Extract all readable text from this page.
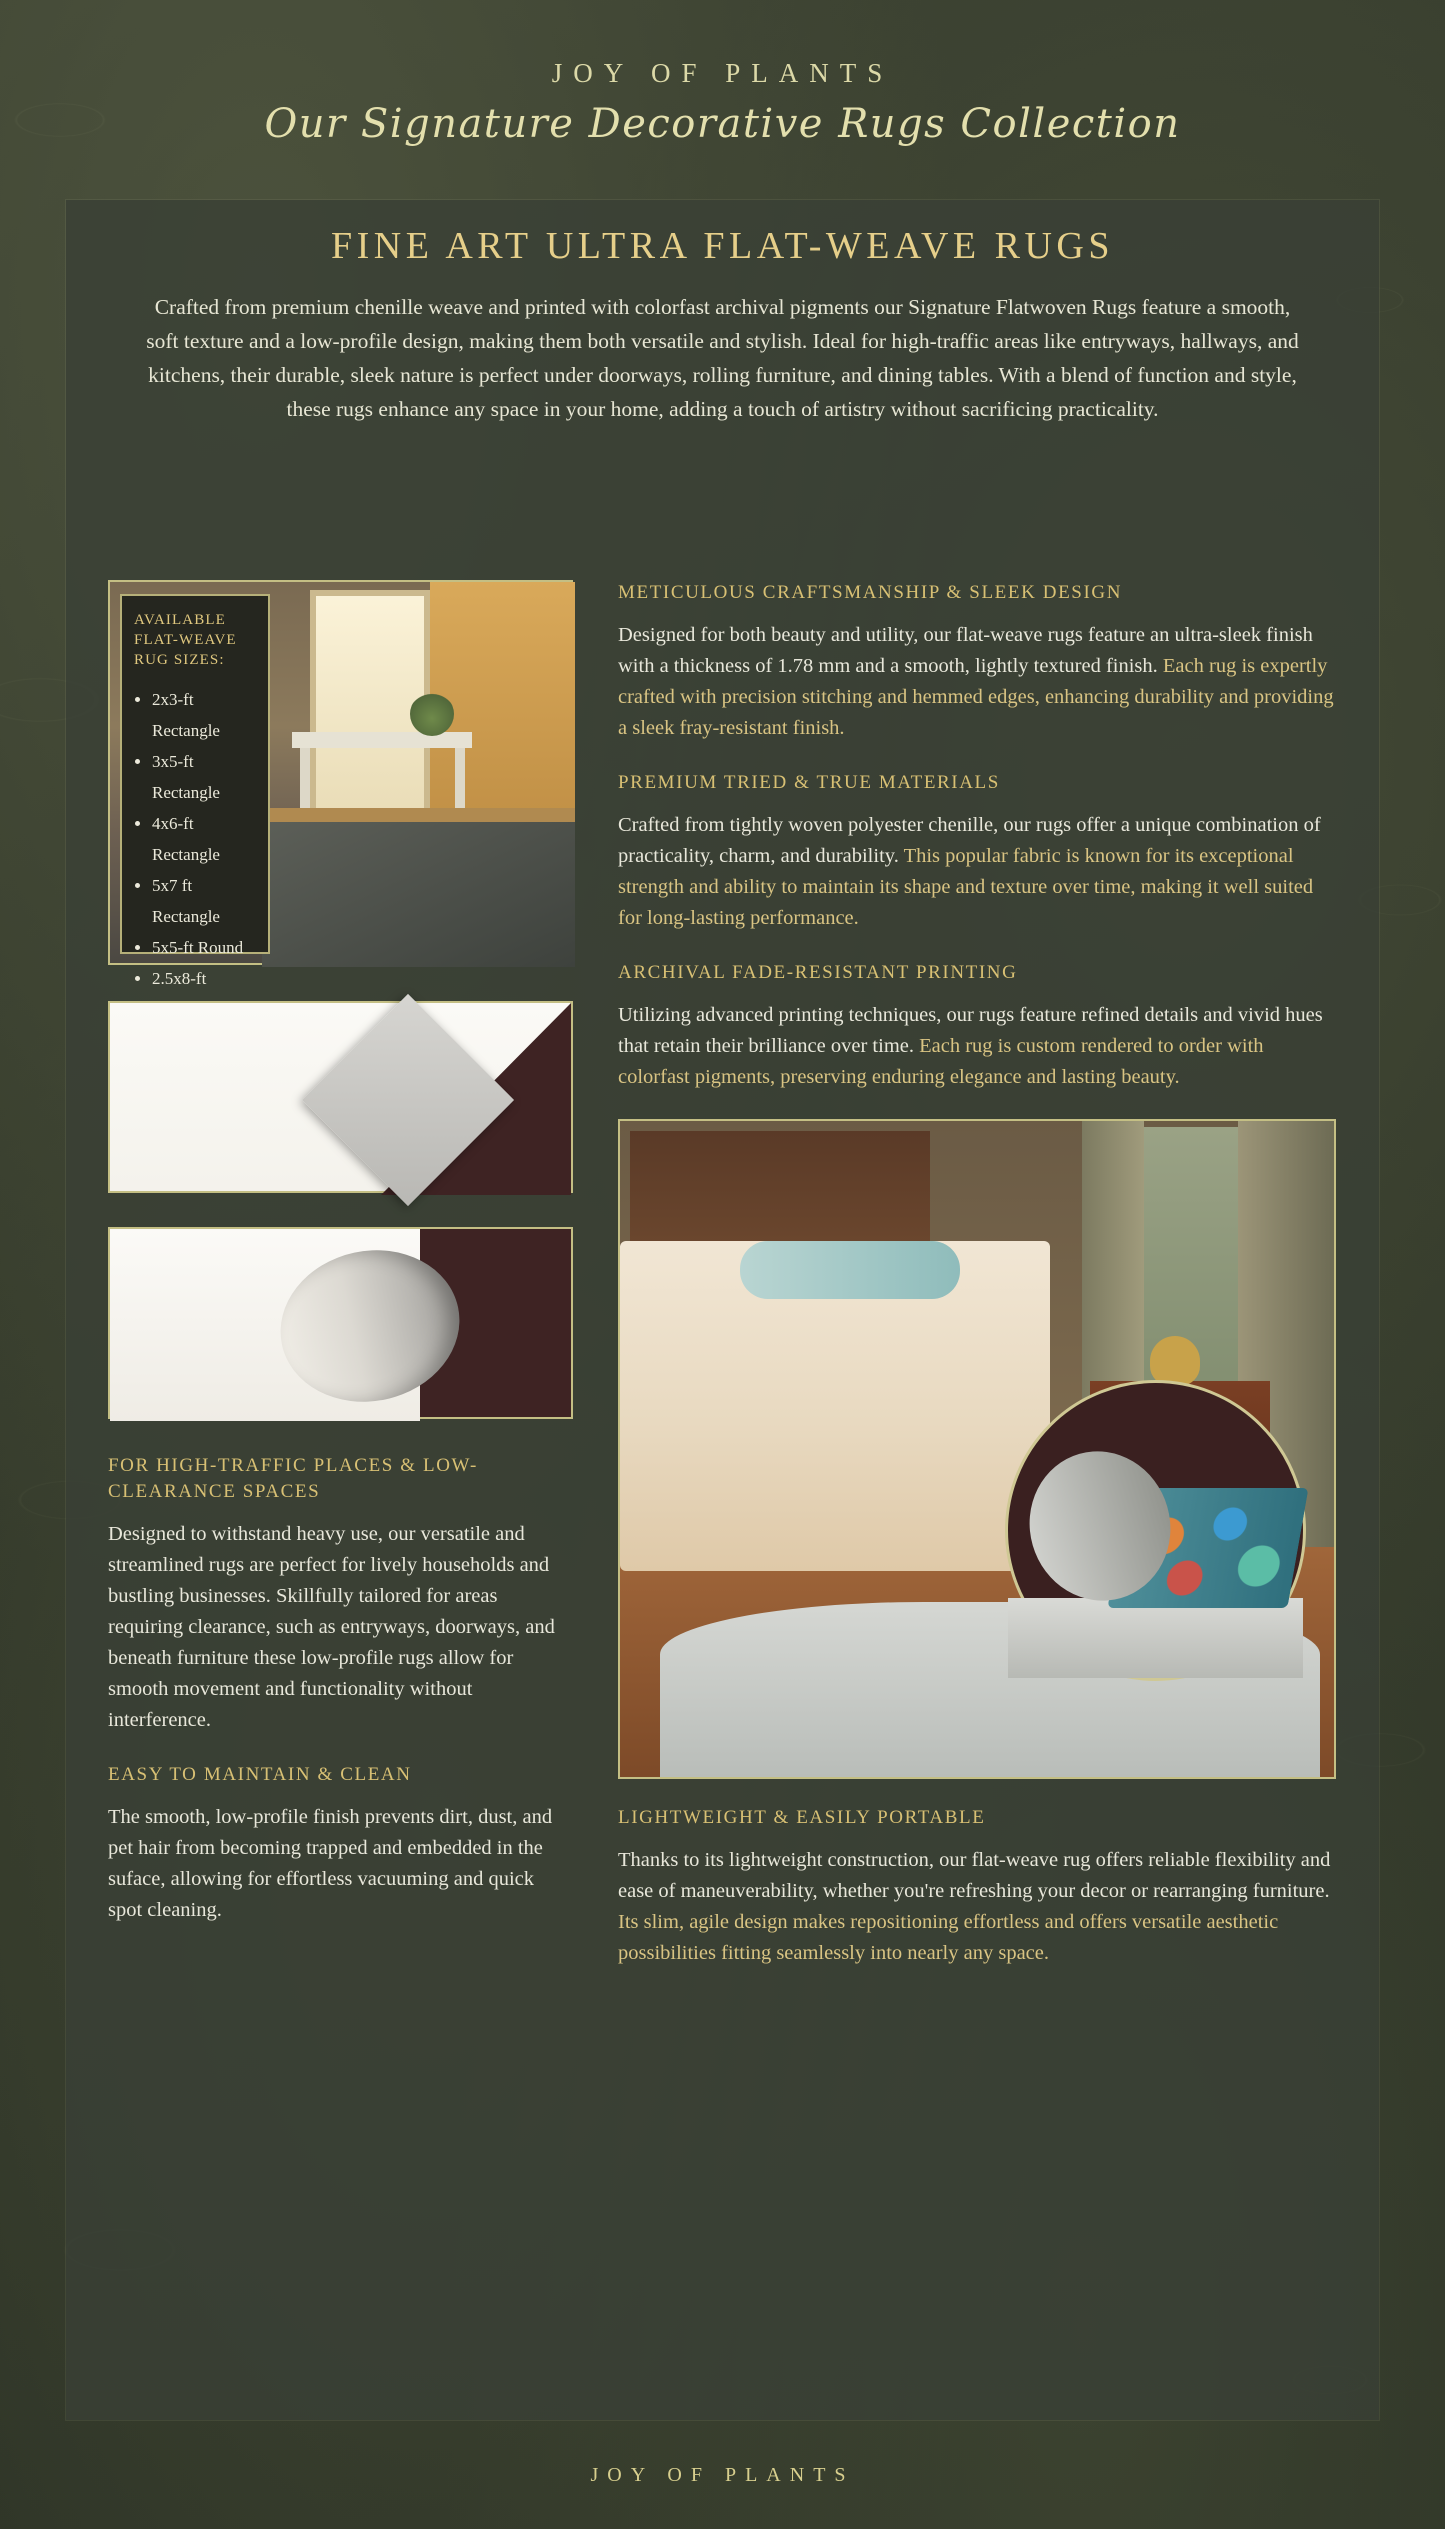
JOY OF PLANTS
Our Signature Decorative Rugs Collection
FINE ART ULTRA FLAT-WEAVE RUGS
Crafted from premium chenille weave and printed with colorfast archival pigments our Signature Flatwoven Rugs feature a smooth, soft texture and a low-profile design, making them both versatile and stylish. Ideal for high-traffic areas like entryways, hallways, and kitchens, their durable, sleek nature is perfect under doorways, rolling furniture, and dining tables. With a blend of function and style, these rugs enhance any space in your home, adding a touch of artistry without sacrificing practicality.
AVAILABLE FLAT-WEAVE RUG SIZES:
• 2x3-ft Rectangle
• 3x5-ft Rectangle
• 4x6-ft Rectangle
• 5x7 ft Rectangle
• 5x5-ft Round
• 2.5x8-ft
FOR HIGH-TRAFFIC PLACES & LOW-CLEARANCE SPACES

Designed to withstand heavy use, our versatile and streamlined rugs are perfect for lively households and bustling businesses. Skillfully tailored for areas requiring clearance, such as entryways, doorways, and beneath furniture these low-profile rugs allow for smooth movement and functionality without interference.

EASY TO MAINTAIN & CLEAN

The smooth, low-profile finish prevents dirt, dust, and pet hair from becoming trapped and embedded in the suface, allowing for effortless vacuuming and quick spot cleaning.

METICULOUS CRAFTSMANSHIP & SLEEK DESIGN

Designed for both beauty and utility, our flat-weave rugs feature an ultra-sleek finish with a thickness of 1.78 mm and a smooth, lightly textured finish. Each rug is expertly crafted with precision stitching and hemmed edges, enhancing durability and providing a sleek fray-resistant finish.

PREMIUM TRIED & TRUE MATERIALS

Crafted from tightly woven polyester chenille, our rugs offer a unique combination of practicality, charm, and durability. This popular fabric is known for its exceptional strength and ability to maintain its shape and texture over time, making it well suited for long-lasting performance.

ARCHIVAL FADE-RESISTANT PRINTING

Utilizing advanced printing techniques, our rugs feature refined details and vivid hues that retain their brilliance over time. Each rug is custom rendered to order with colorfast pigments, preserving enduring elegance and lasting beauty.

LIGHTWEIGHT & EASILY PORTABLE

Thanks to its lightweight construction, our flat-weave rug offers reliable flexibility and ease of maneuverability, whether you're refreshing your decor or rearranging furniture. Its slim, agile design makes repositioning effortless and offers versatile aesthetic possibilities fitting seamlessly into nearly any space.

JOY OF PLANTS
